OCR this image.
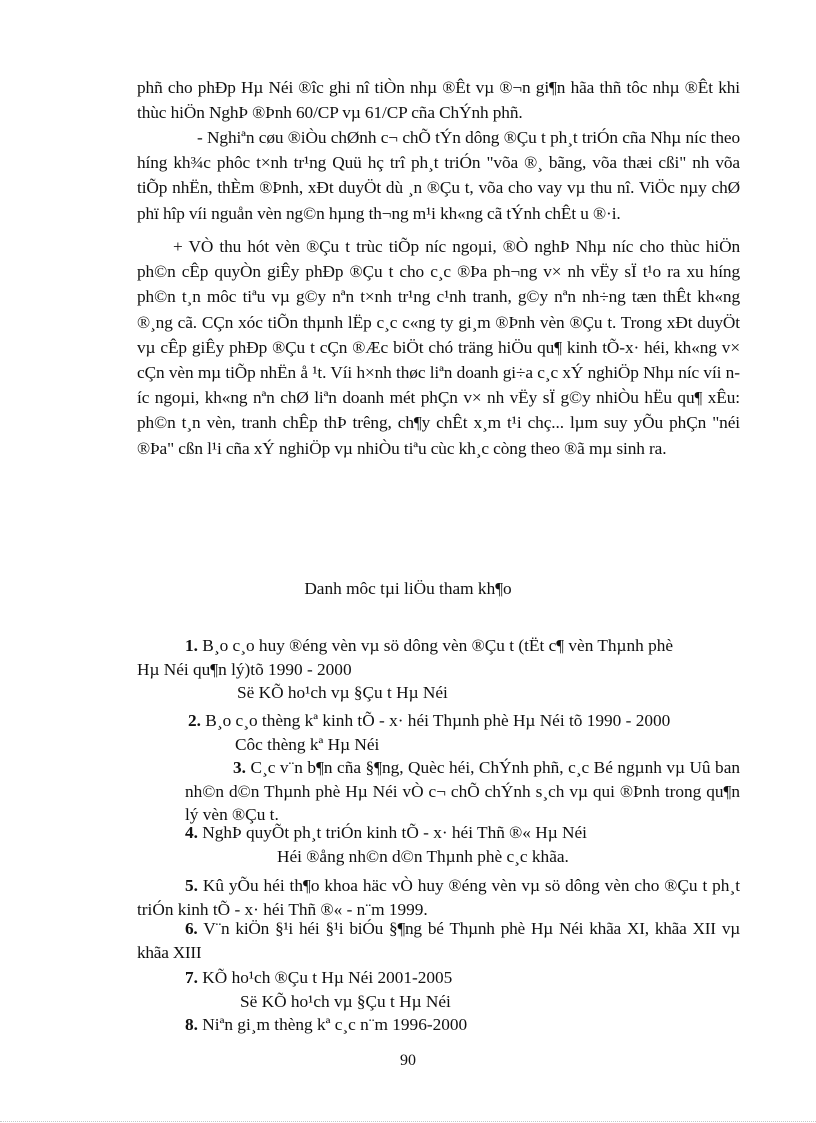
phñ cho phÐp Hµ Néi ®îc ghi nî tiÒn nhµ ®Êt vµ ®¬n gi¶n hãa thñ tôc nhµ ®Êt khi thùc hiÖn NghÞ ®Þnh 60/CP vµ 61/CP cña ChÝnh phñ.
- Nghiªn cøu ®iÒu chØnh c¬ chÕ tÝn dông ®Çu t ph¸t triÓn cña Nhµ níc theo híng kh¾c phôc t×nh tr¹ng Quü hç trî ph¸t triÓn "võa ®¸ bãng, võa thæi cßi" nh võa tiÕp nhËn, thÈm ®Þnh, xÐt duyÖt dù ¸n ®Çu t, võa cho vay vµ thu nî. ViÖc nµy chØ phï hîp víi nguån vèn ng©n hµng th¬ng m¹i kh«ng cã tÝnh chÊt u ®·i.
+ VÒ thu hót vèn ®Çu t trùc tiÕp níc ngoµi, ®Ò nghÞ Nhµ níc cho thùc hiÖn ph©n cÊp quyÒn giÊy phÐp ®Çu t cho c¸c ®Þa ph¬ng v× nh vËy sÏ t¹o ra xu híng ph©n t¸n môc tiªu vµ g©y nªn t×nh tr¹ng c¹nh tranh, g©y nªn nh÷ng tæn thÊt kh«ng ®¸ng cã. CÇn xóc tiÕn thµnh lËp c¸c c«ng ty gi¸m ®Þnh vèn ®Çu t. Trong xÐt duyÖt vµ cÊp giÊy phÐp ®Çu t cÇn ®Æc biÖt chó träng hiÖu qu¶ kinh tÕ-x· héi, kh«ng v× cÇn vèn mµ tiÕp nhËn å ¹t. Víi h×nh thøc liªn doanh gi÷a c¸c xÝ nghiÖp Nhµ níc víi níc ngoµi, kh«ng nªn chØ liªn doanh mét phÇn v× nh vËy sÏ g©y nhiÒu hËu qu¶ xÊu: ph©n t¸n vèn, tranh chÊp thÞ trêng, ch¶y chÊt x¸m t¹i chç... lµm suy yÕu phÇn "néi ®Þa" cßn l¹i cña xÝ nghiÖp vµ nhiÒu tiªu cùc kh¸c còng theo ®ã mµ sinh ra.
Danh môc tµi liÖu tham kh¶o
1. B¸o c¸o huy ®éng vèn vµ sö dông vèn ®Çu t (tËt c¶ vèn Thµnh phè
Hµ Néi qu¶n lý)tõ 1990 - 2000
Së KÕ ho¹ch vµ §Çu t Hµ Néi
2. B¸o c¸o thèng kª kinh tÕ - x· héi Thµnh phè Hµ Néi tõ 1990 - 2000
Côc thèng kª Hµ Néi
3. C¸c v¨n b¶n cña §¶ng, Quèc héi, ChÝnh phñ, c¸c Bé ngµnh vµ Uû ban nh©n d©n Thµnh phè Hµ Néi vÒ c¬ chÕ chÝnh s¸ch vµ qui ®Þnh trong qu¶n lý vèn ®Çu t.
4. NghÞ quyÕt ph¸t triÓn kinh tÕ - x· héi Thñ ®« Hµ Néi
Héi ®ång nh©n d©n Thµnh phè c¸c khãa.
5. Kû yÕu héi th¶o khoa häc vÒ huy ®éng vèn vµ sö dông vèn cho ®Çu t ph¸t triÓn kinh tÕ - x· héi Thñ ®« - n¨m 1999.
6. V¨n kiÖn §¹i héi §¹i biÓu §¶ng bé Thµnh phè Hµ Néi khãa XI, khãa XII vµ khãa XIII
7. KÕ ho¹ch ®Çu t Hµ Néi 2001-2005
Së KÕ ho¹ch vµ §Çu t Hµ Néi
8. Niªn gi¸m thèng kª c¸c n¨m 1996-2000
90
